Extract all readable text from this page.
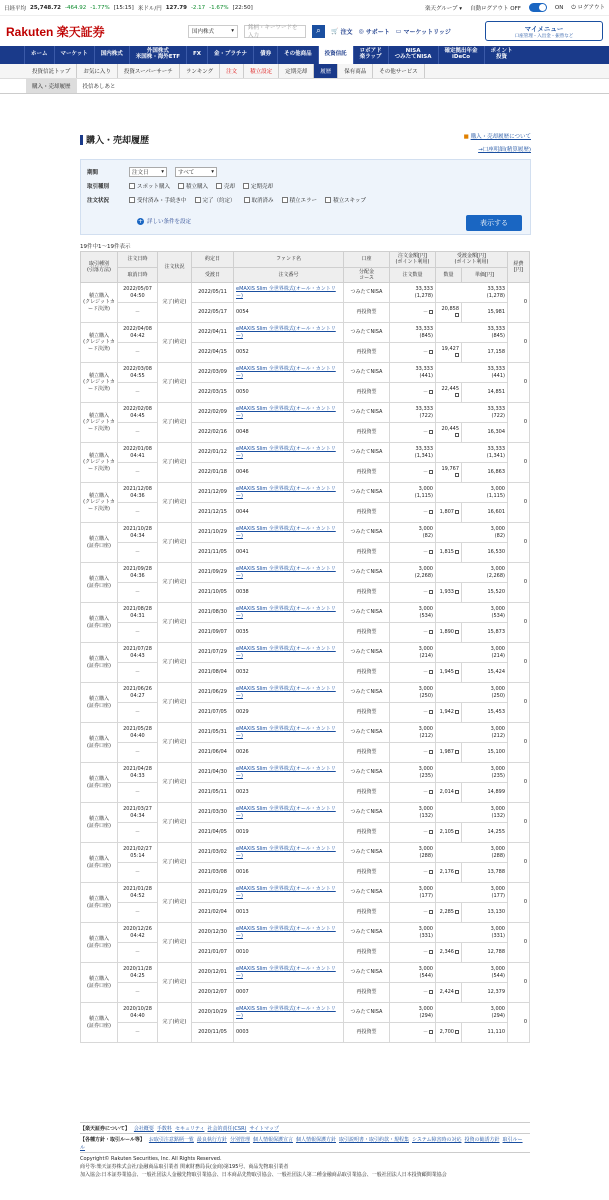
日経平均 25,748.72 -464.92 -1.77% [15:15] 米ドル/円 127.79 -2.17 -1.67% [22:50]	楽天グループ ▾ 自動ログアウト OFF	ON ⏻ ログアウト
Rakuten 楽天証券	国内株式	▾	銘柄・キーワードを入力
⌕ 🛒 注文 ◎ サポート ▭ マーケットリッジ	マイメニュー
口座管理・入出金・振替など
ホーム	マーケット	国内株式	外国株式
米国株・海外ETF	FX	金・プラチナ	債券	その他商品	投資信託	ロボアド
楽ラップ
NISA
つみたてNISA
確定拠出年金
iDeCo
ポイント
投資
投資信託トップ	お気に入り	投資スーパーサーチ	ランキング	注文	積立設定	定期売却	履歴	保有商品	その他サービス
購入・売却履歴	投信あしあと
購入・売却履歴	■ 購入・売却履歴について
→口座明細(精算履歴)
期間	注文日 ▾	すべて	▾
取引種別	スポット購入	積立購入	売却	定期売却
注文状況	受付済み・手続き中	完了（約定）	取消済み	積立エラー	積立スキップ
+ 詳しい条件を設定	表示する
19件中1～19件表示
取引種別
(引落方法)	注文日時	注文状況	約定日	ファンド名	口座	注文金額[円]
(ポイント利用)	受渡金額[円]
(ポイント利用)		経費
[円]
	取消日時		受渡日	注文番号	分配金
コース	注文数量	数量	単価[円]	
積立購入
(クレジットカード決済)	2022/05/07
04:50	完了(約定)	2022/05/11	eMAXIS Slim 全世界株式(オール・カントリー)	つみたてNISA	33,333
(1,278)	33,333
(1,278)		0
	－		2022/05/17	0054	再投資型	－	20,858	15,981	
積立購入
(クレジットカード決済)	2022/04/08
04:42	完了(約定)	2022/04/11	eMAXIS Slim 全世界株式(オール・カントリー)	つみたてNISA	33,333
(845)	33,333
(845)		0
	－		2022/04/15	0052	再投資型	－	19,427	17,158	
積立購入
(クレジットカード決済)	2022/03/08
04:55	完了(約定)	2022/03/09	eMAXIS Slim 全世界株式(オール・カントリー)	つみたてNISA	33,333
(441)	33,333
(441)		0
	－		2022/03/15	0050	再投資型	－	22,445	14,851	
積立購入
(クレジットカード決済)	2022/02/08
04:45	完了(約定)	2022/02/09	eMAXIS Slim 全世界株式(オール・カントリー)	つみたてNISA	33,333
(722)	33,333
(722)		0
	－		2022/02/16	0048	再投資型	－	20,445	16,304	
積立購入
(クレジットカード決済)	2022/01/08
04:41	完了(約定)	2022/01/12	eMAXIS Slim 全世界株式(オール・カントリー)	つみたてNISA	33,333
(1,341)	33,333
(1,341)		0
	－		2022/01/18	0046	再投資型	－	19,767	16,863	
積立購入
(クレジットカード決済)	2021/12/08
04:36	完了(約定)	2021/12/09	eMAXIS Slim 全世界株式(オール・カントリー)	つみたてNISA	3,000
(1,115)	3,000
(1,115)		0
	－		2021/12/15	0044	再投資型	－	1,807	16,601	
積立購入
(証券口座)	2021/10/28
04:34	完了(約定)	2021/10/29	eMAXIS Slim 全世界株式(オール・カントリー)	つみたてNISA	3,000
(82)	3,000
(82)		0
	－		2021/11/05	0041	再投資型	－	1,815	16,530	
積立購入
(証券口座)	2021/09/28
04:36	完了(約定)	2021/09/29	eMAXIS Slim 全世界株式(オール・カントリー)	つみたてNISA	3,000
(2,268)	3,000
(2,268)		0
	－		2021/10/05	0038	再投資型	－	1,933	15,520	
積立購入
(証券口座)	2021/08/28
04:31	完了(約定)	2021/08/30	eMAXIS Slim 全世界株式(オール・カントリー)	つみたてNISA	3,000
(534)	3,000
(534)		0
	－		2021/09/07	0035	再投資型	－	1,890	15,873	
積立購入
(証券口座)	2021/07/28
04:43	完了(約定)	2021/07/29	eMAXIS Slim 全世界株式(オール・カントリー)	つみたてNISA	3,000
(214)	3,000
(214)		0
	－		2021/08/04	0032	再投資型	－	1,945	15,424	
積立購入
(証券口座)	2021/06/26
04:27	完了(約定)	2021/06/29	eMAXIS Slim 全世界株式(オール・カントリー)	つみたてNISA	3,000
(250)	3,000
(250)		0
	－		2021/07/05	0029	再投資型	－	1,942	15,453	
積立購入
(証券口座)	2021/05/28
04:40	完了(約定)	2021/05/31	eMAXIS Slim 全世界株式(オール・カントリー)	つみたてNISA	3,000
(212)	3,000
(212)		0
	－		2021/06/04	0026	再投資型	－	1,987	15,100	
積立購入
(証券口座)	2021/04/28
04:33	完了(約定)	2021/04/30	eMAXIS Slim 全世界株式(オール・カントリー)	つみたてNISA	3,000
(235)	3,000
(235)		0
	－		2021/05/11	0023	再投資型	－	2,014	14,899	
積立購入
(証券口座)	2021/03/27
04:34	完了(約定)	2021/03/30	eMAXIS Slim 全世界株式(オール・カントリー)	つみたてNISA	3,000
(132)	3,000
(132)		0
	－		2021/04/05	0019	再投資型	－	2,105	14,255	
積立購入
(証券口座)	2021/02/27
05:14	完了(約定)	2021/03/02	eMAXIS Slim 全世界株式(オール・カントリー)	つみたてNISA	3,000
(288)	3,000
(288)		0
	－		2021/03/08	0016	再投資型	－	2,176	13,788	
積立購入
(証券口座)	2021/01/28
04:52	完了(約定)	2021/01/29	eMAXIS Slim 全世界株式(オール・カントリー)	つみたてNISA	3,000
(177)	3,000
(177)		0
	－		2021/02/04	0013	再投資型	－	2,285	13,130	
積立購入
(証券口座)	2020/12/26
04:42	完了(約定)	2020/12/30	eMAXIS Slim 全世界株式(オール・カントリー)	つみたてNISA	3,000
(331)	3,000
(331)		0
	－		2021/01/07	0010	再投資型	－	2,346	12,788	
積立購入
(証券口座)	2020/11/28
04:25	完了(約定)	2020/12/01	eMAXIS Slim 全世界株式(オール・カントリー)	つみたてNISA	3,000
(544)	3,000
(544)		0
	－		2020/12/07	0007	再投資型	－	2,424	12,379	
積立購入
(証券口座)	2020/10/28
04:40	完了(約定)	2020/10/29	eMAXIS Slim 全世界株式(オール・カントリー)	つみたてNISA	3,000
(294)	3,000
(294)		0
	－		2020/11/05	0003	再投資型	－	2,700	11,110	
【楽天証券について】 会社概要 手数料 セキュリティ 社会的責任(CSR) サイトマップ
【各種方針・取引ルール等】 お取引注意銘柄一覧 最良執行方針 分別管理 個人情報保護宣言 個人情報保護方針 取引説明書・取引約款・規程集 システム障害時の対応 投資の勧誘方針 取引ルール
Copyright© Rakuten Securities, Inc. All Rights Reserved.
商号等:楽天証券株式会社/金融商品取引業者 関東財務局長(金商)第195号、商品先物取引業者
加入協会:日本証券業協会、一般社団法人金融先物取引業協会、日本商品先物取引協会、一般社団法人第二種金融商品取引業協会、一般社団法人日本投資顧問業協会
